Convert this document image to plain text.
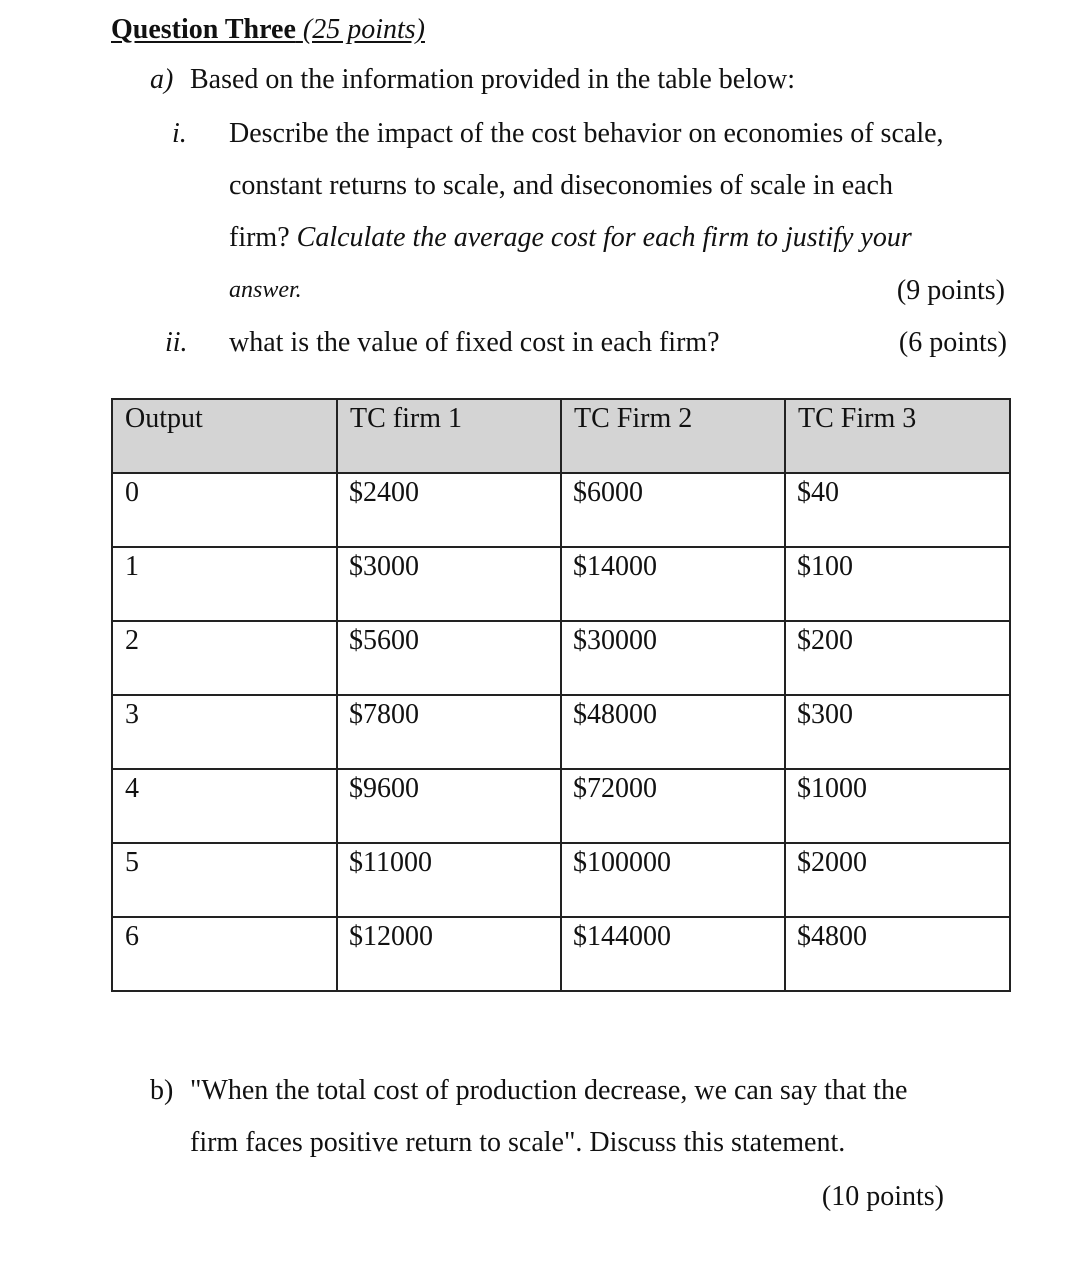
Question Three (25 points)
a) Based on the information provided in the table below:
i. Describe the impact of the cost behavior on economies of scale,
constant returns to scale, and diseconomies of scale in each
firm? Calculate the average cost for each firm to justify your
answer.	(9 points)
ii. what is the value of fixed cost in each firm?	(6 points)
Output	TC firm 1	TC Firm 2	TC Firm 3

0	$2400	$6000	$40

1	$3000	$14000	$100

2	$5600	$30000	$200

3	$7800	$48000	$300

4	$9600	$72000	$1000

5	$11000	$100000	$2000

6	$12000	$144000	$4800
b) "When the total cost of production decrease, we can say that the
firm faces positive return to scale". Discuss this statement.
(10 points)
